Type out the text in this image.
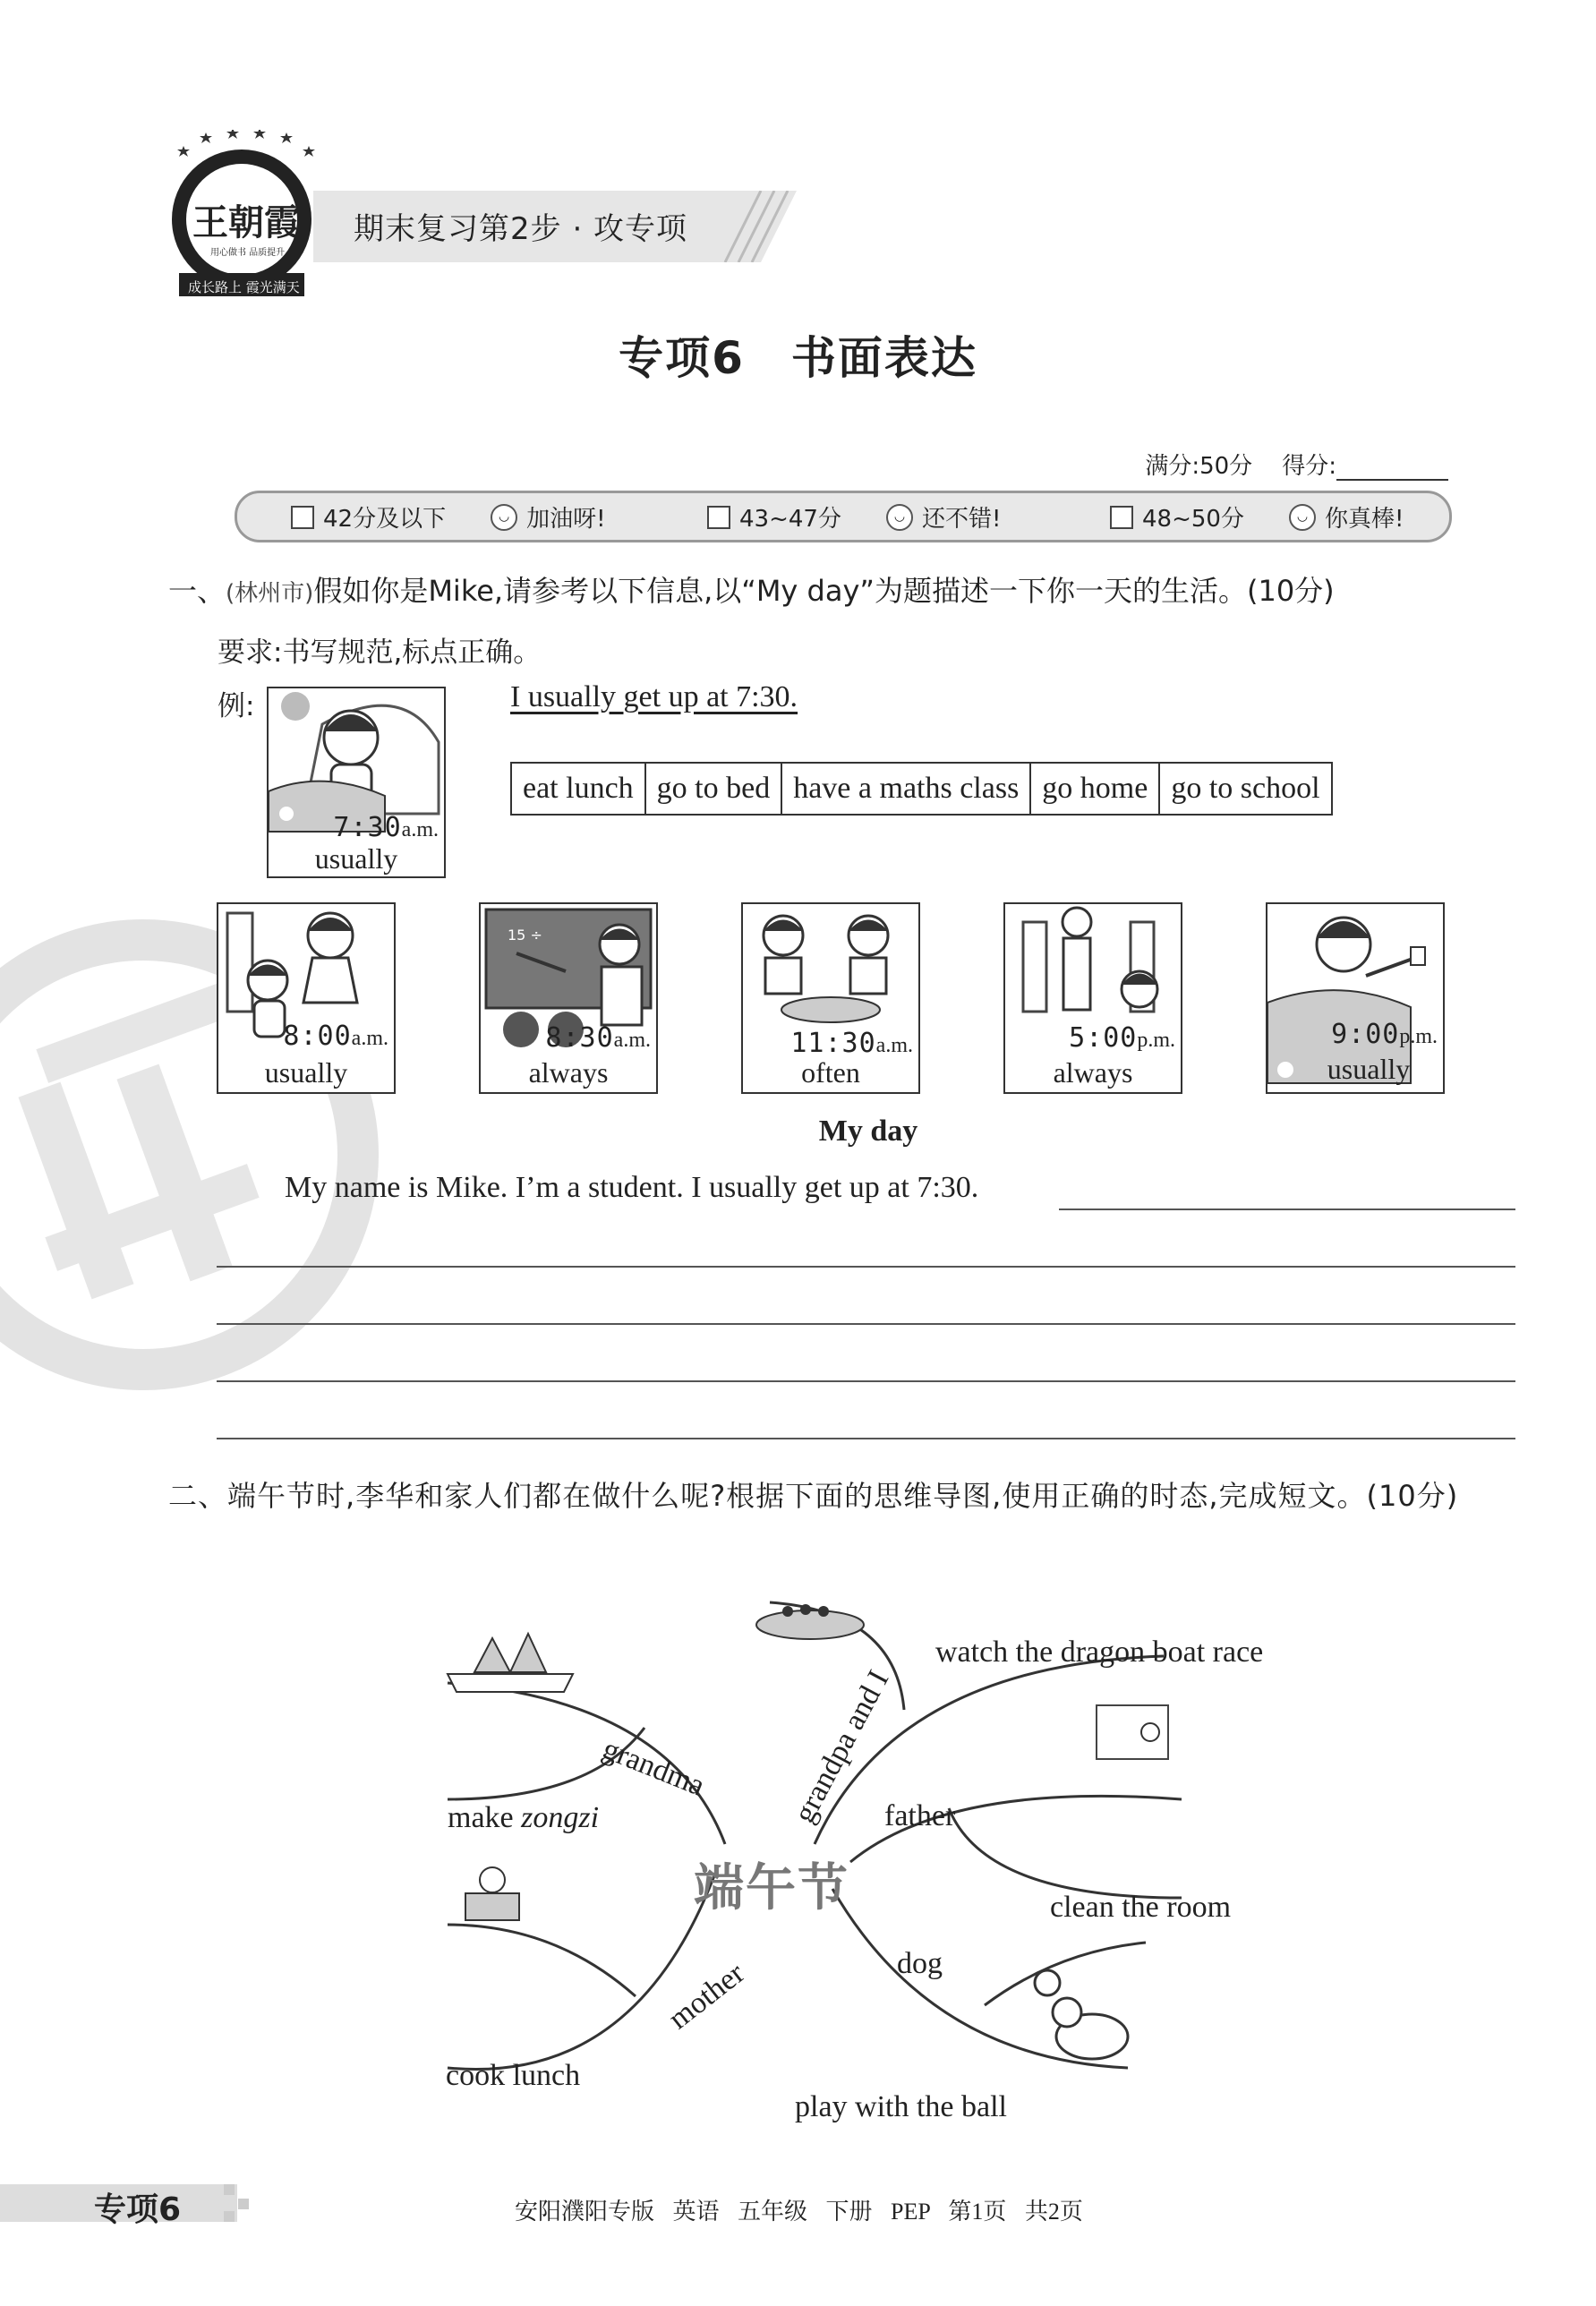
王朝霞
用心做书 品质提升
成长路上 霞光满天
期末复习第2步 · 攻专项
专项6　书面表达
满分:50分 得分:
42分及以下	◡ 加油呀!	43~47分	◡ 还不错!	48~50分	◡ 你真棒!
一、(林州市)假如你是Mike,请参考以下信息,以“My day”为题描述一下你一天的生活。(10分)
要求:书写规范,标点正确。
例:
7:30a.m.
usually
I usually get up at 7:30.
eat lunch	go to bed	have a maths class	go home	go to school
8:00a.m.
usually
15 ÷
8:30a.m.
always
11:30a.m.
often
5:00p.m.
always
9:00p.m.
usually
My day
My name is Mike. I’m a student. I usually get up at 7:30.
二、端午节时,李华和家人们都在做什么呢?根据下面的思维导图,使用正确的时态,完成短文。(10分)
端午节
grandma
make zongzi
mother
cook lunch
grandpa and I
watch the dragon boat race
father
clean the room
dog
play with the ball
专项6	安阳濮阳专版 英语 五年级 下册 PEP 第1页 共2页
